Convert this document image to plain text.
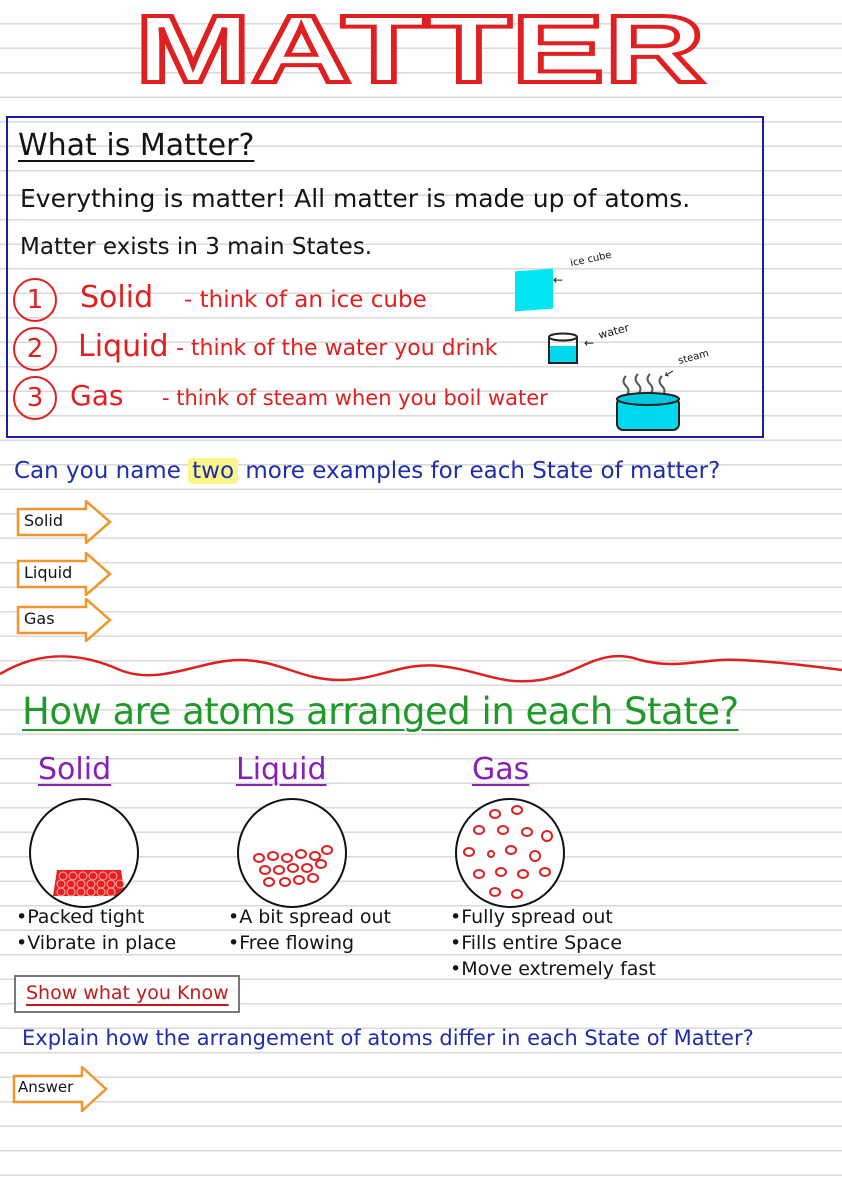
MATTER
What is Matter?
Everything is matter! All matter is made up of atoms.
Matter exists in 3 main States.
1	Solid - think of an ice cube
ice cube
←
2	Liquid - think of the water you drink
water
←
3 Gas - think of steam when you boil water
steam
←
Can you name two more examples for each State of matter?
Solid
Liquid
Gas
How are atoms arranged in each State?
Solid	Liquid	Gas
•Packed tight
•Vibrate in place
•A bit spread out
•Free flowing
•Fully spread out
•Fills entire Space
•Move extremely fast
Show what you Know
Explain how the arrangement of atoms differ in each State of Matter?
Answer
